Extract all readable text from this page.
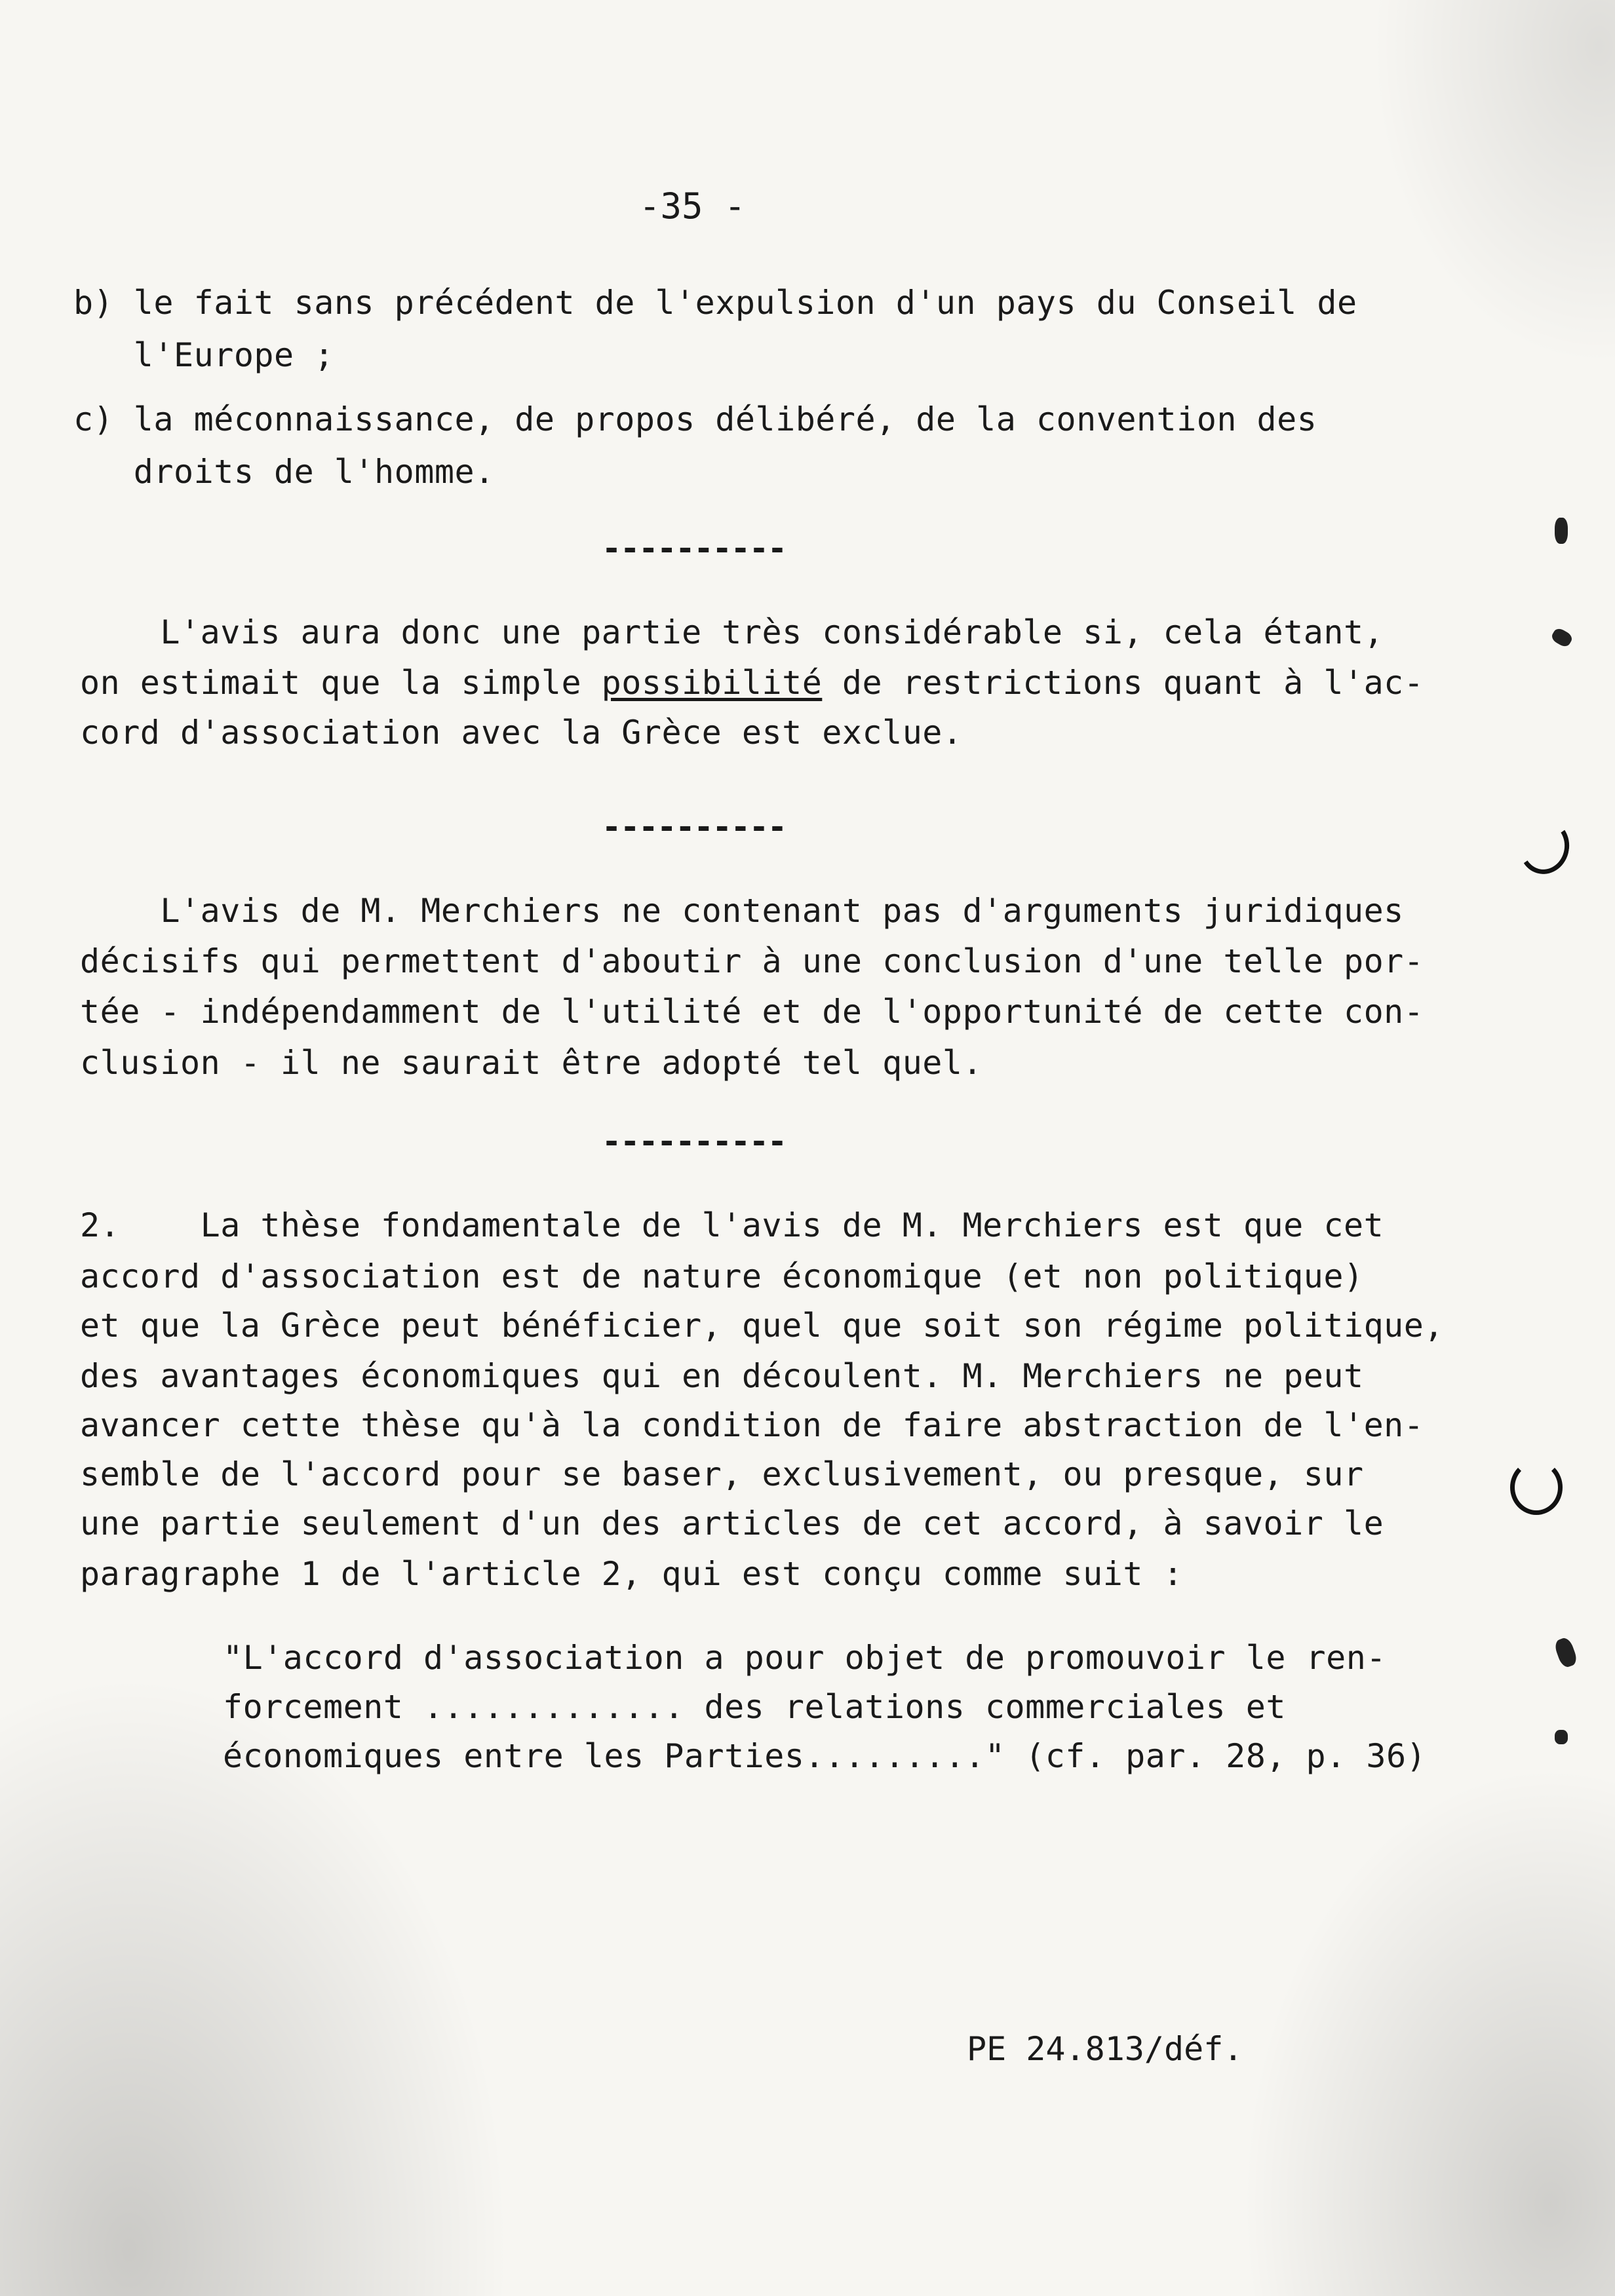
-35 -
b) le fait sans précédent de l'expulsion d'un pays du Conseil de
l'Europe ;
c) la méconnaissance, de propos délibéré, de la convention des
droits de l'homme.
----------
L'avis aura donc une partie très considérable si, cela étant,
on estimait que la simple possibilité de restrictions quant à l'ac-
cord d'association avec la Grèce est exclue.
----------
L'avis de M. Merchiers ne contenant pas d'arguments juridiques
décisifs qui permettent d'aboutir à une conclusion d'une telle por-
tée - indépendamment de l'utilité et de l'opportunité de cette con-
clusion - il ne saurait être adopté tel quel.
----------
2.    La thèse fondamentale de l'avis de M. Merchiers est que cet
accord d'association est de nature économique (et non politique)
et que la Grèce peut bénéficier, quel que soit son régime politique,
des avantages économiques qui en découlent. M. Merchiers ne peut
avancer cette thèse qu'à la condition de faire abstraction de l'en-
semble de l'accord pour se baser, exclusivement, ou presque, sur
une partie seulement d'un des articles de cet accord, à savoir le
paragraphe 1 de l'article 2, qui est conçu comme suit :
"L'accord d'association a pour objet de promouvoir le ren-
forcement ............. des relations commerciales et
économiques entre les Parties........." (cf. par. 28, p. 36)
PE 24.813/déf.
